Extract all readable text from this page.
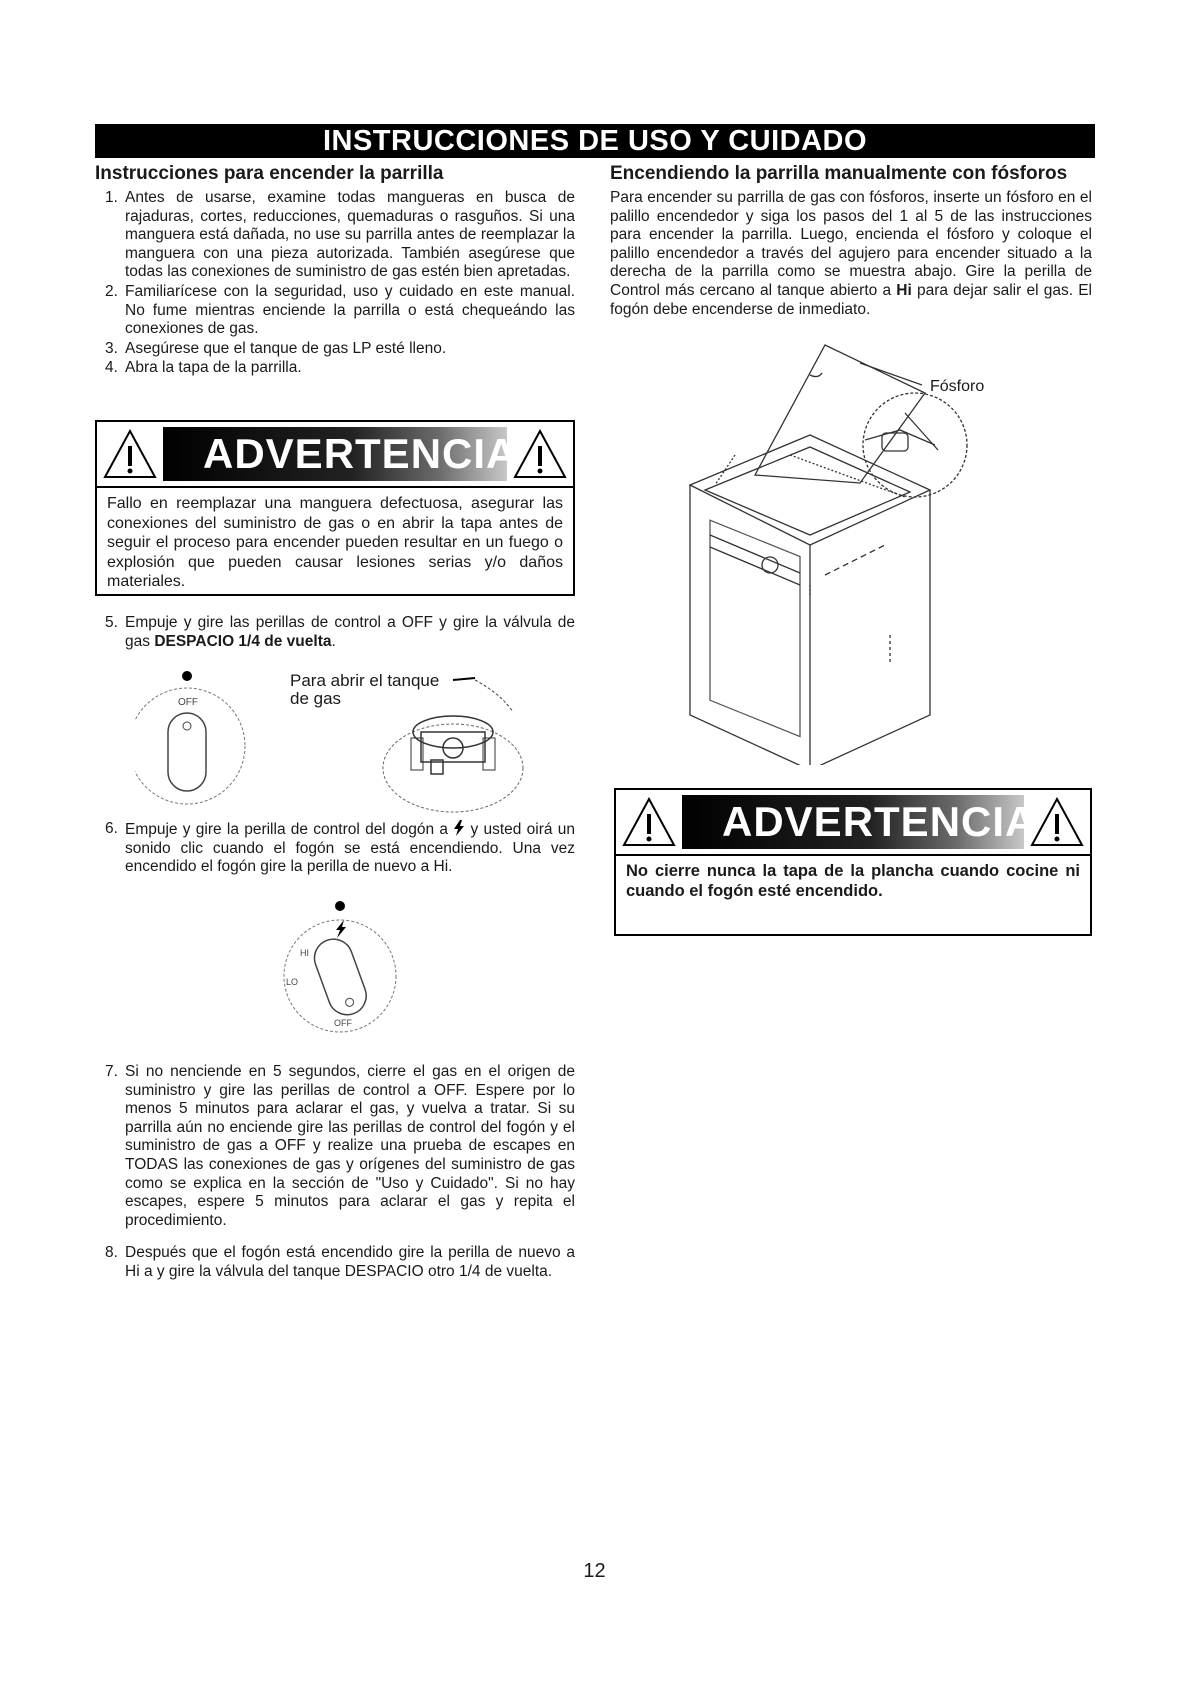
INSTRUCCIONES DE USO Y CUIDADO
Instrucciones para encender la parrilla
1. Antes de usarse, examine todas mangueras en busca de rajaduras, cortes, reducciones, quemaduras o rasguños. Si una manguera está dañada, no use su parrilla antes de reemplazar la manguera con una pieza autorizada. También asegúrese que todas las conexiones de suministro de gas estén bien apretadas.
2. Familiarícese con la seguridad, uso y cuidado en este manual. No fume mientras enciende la parrilla o está chequeándo las conexiones de gas.
3. Asegúrese que el tanque de gas LP esté lleno.
4. Abra la tapa de la parrilla.
ADVERTENCIA
Fallo en reemplazar una manguera defectuosa, asegurar las conexiones del suministro de gas o en abrir la tapa antes de seguir el proceso para encender pueden resultar en un fuego o explosión que pueden causar lesiones serias y/o daños materiales.
5. Empuje y gire las perillas de control a OFF y gire la válvula de gas DESPACIO 1/4 de vuelta.
OFF
Para abrir el tanque
de gas
6. Empuje y gire la perilla de control del dogón a y usted oirá un sonido clic cuando el fogón se está encendiendo. Una vez encendido el fogón gire la perilla de nuevo a Hi.
HI
LO
OFF
7. Si no nenciende en 5 segundos, cierre el gas en el origen de suministro y gire las perillas de control a OFF. Espere por lo menos 5 minutos para aclarar el gas, y vuelva a tratar. Si su parrilla aún no enciende gire las perillas de control del fogón y el suministro de gas a OFF y realize una prueba de escapes en TODAS las conexiones de gas y orígenes del suministro de gas como se explica en la sección de "Uso y Cuidado". Si no hay escapes, espere 5 minutos para aclarar el gas y repita el procedimiento.
8. Después que el fogón está encendido gire la perilla de nuevo a Hi a y gire la válvula del tanque DESPACIO otro 1/4 de vuelta.
Encendiendo la parrilla manualmente con fósforos
Para encender su parrilla de gas con fósforos, inserte un fósforo en el palillo encendedor y siga los pasos del 1 al 5 de las instrucciones para encender la parrilla. Luego, encienda el fósforo y coloque el palillo encendedor a través del agujero para encender situado a la derecha de la parrilla como se muestra abajo. Gire la perilla de Control más cercano al tanque abierto a Hi para dejar salir el gas. El fogón debe encenderse de inmediato.
Fósforo
ADVERTENCIA
No cierre nunca la tapa de la plancha cuando cocine ni cuando el fogón esté encendido.
12
